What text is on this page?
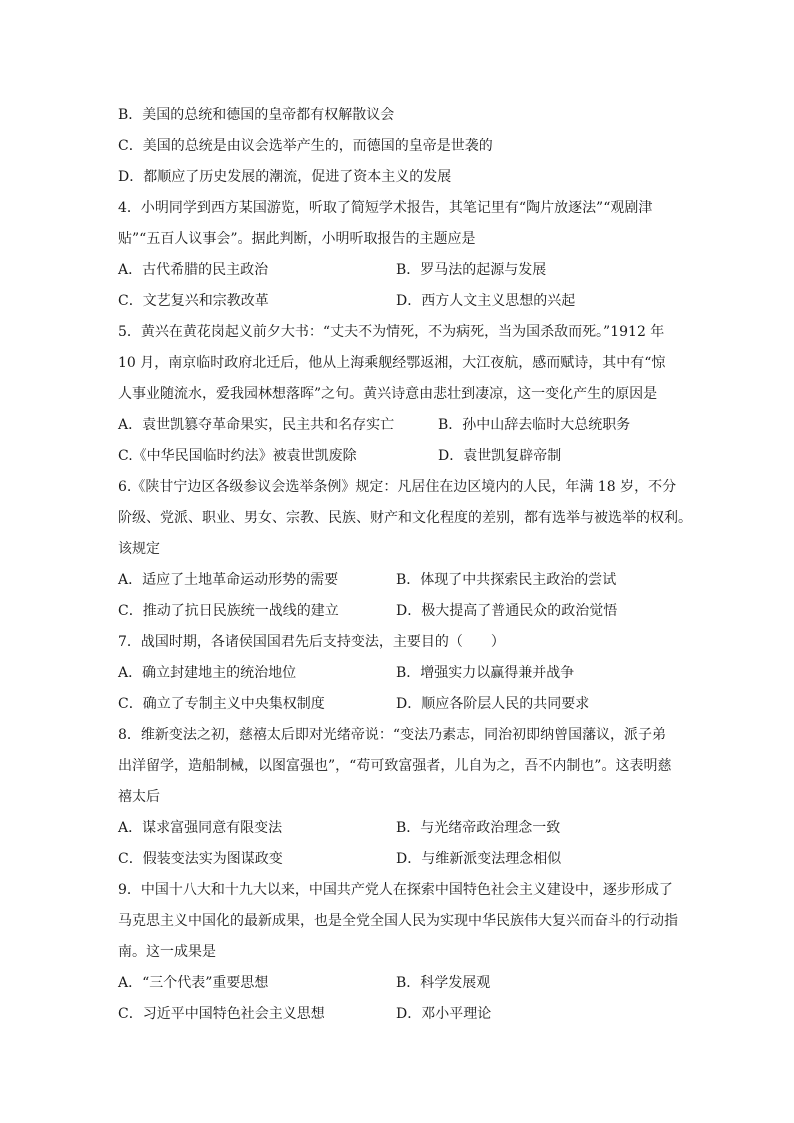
B．美国的总统和德国的皇帝都有权解散议会
C．美国的总统是由议会选举产生的，而德国的皇帝是世袭的
D．都顺应了历史发展的潮流，促进了资本主义的发展
4．小明同学到西方某国游览，听取了简短学术报告，其笔记里有“陶片放逐法”“观剧津
贴”“五百人议事会”。据此判断，小明听取报告的主题应是
A．古代希腊的民主政治	B．罗马法的起源与发展
C．文艺复兴和宗教改革	D．西方人文主义思想的兴起
5．黄兴在黄花岗起义前夕大书：“丈夫不为情死，不为病死，当为国杀敌而死。”1912 年
10 月，南京临时政府北迁后，他从上海乘舰经鄂返湘，大江夜航，感而赋诗，其中有“惊
人事业随流水，爱我园林想落晖”之句。黄兴诗意由悲壮到凄凉，这一变化产生的原因是
A．袁世凯篡夺革命果实，民主共和名存实亡	B．孙中山辞去临时大总统职务
C.《中华民国临时约法》被袁世凯废除	D．袁世凯复辟帝制
6.《陕甘宁边区各级参议会选举条例》规定：凡居住在边区境内的人民，年满 18 岁，不分
阶级、党派、职业、男女、宗教、民族、财产和文化程度的差别，都有选举与被选举的权利。
该规定
A．适应了土地革命运动形势的需要	B．体现了中共探索民主政治的尝试
C．推动了抗日民族统一战线的建立	D．极大提高了普通民众的政治觉悟
7．战国时期，各诸侯国国君先后支持变法，主要目的（　　）
A．确立封建地主的统治地位	B．增强实力以赢得兼并战争
C．确立了专制主义中央集权制度	D．顺应各阶层人民的共同要求
8．维新变法之初，慈禧太后即对光绪帝说：“变法乃素志，同治初即纳曾国藩议，派子弟
出洋留学，造船制械，以图富强也”，“苟可致富强者，儿自为之，吾不内制也”。这表明慈
禧太后
A．谋求富强同意有限变法	B．与光绪帝政治理念一致
C．假装变法实为图谋政变	D．与维新派变法理念相似
9．中国十八大和十九大以来，中国共产党人在探索中国特色社会主义建设中，逐步形成了
马克思主义中国化的最新成果，也是全党全国人民为实现中华民族伟大复兴而奋斗的行动指
南。这一成果是
A．“三个代表”重要思想	B．科学发展观
C．习近平中国特色社会主义思想	D．邓小平理论
